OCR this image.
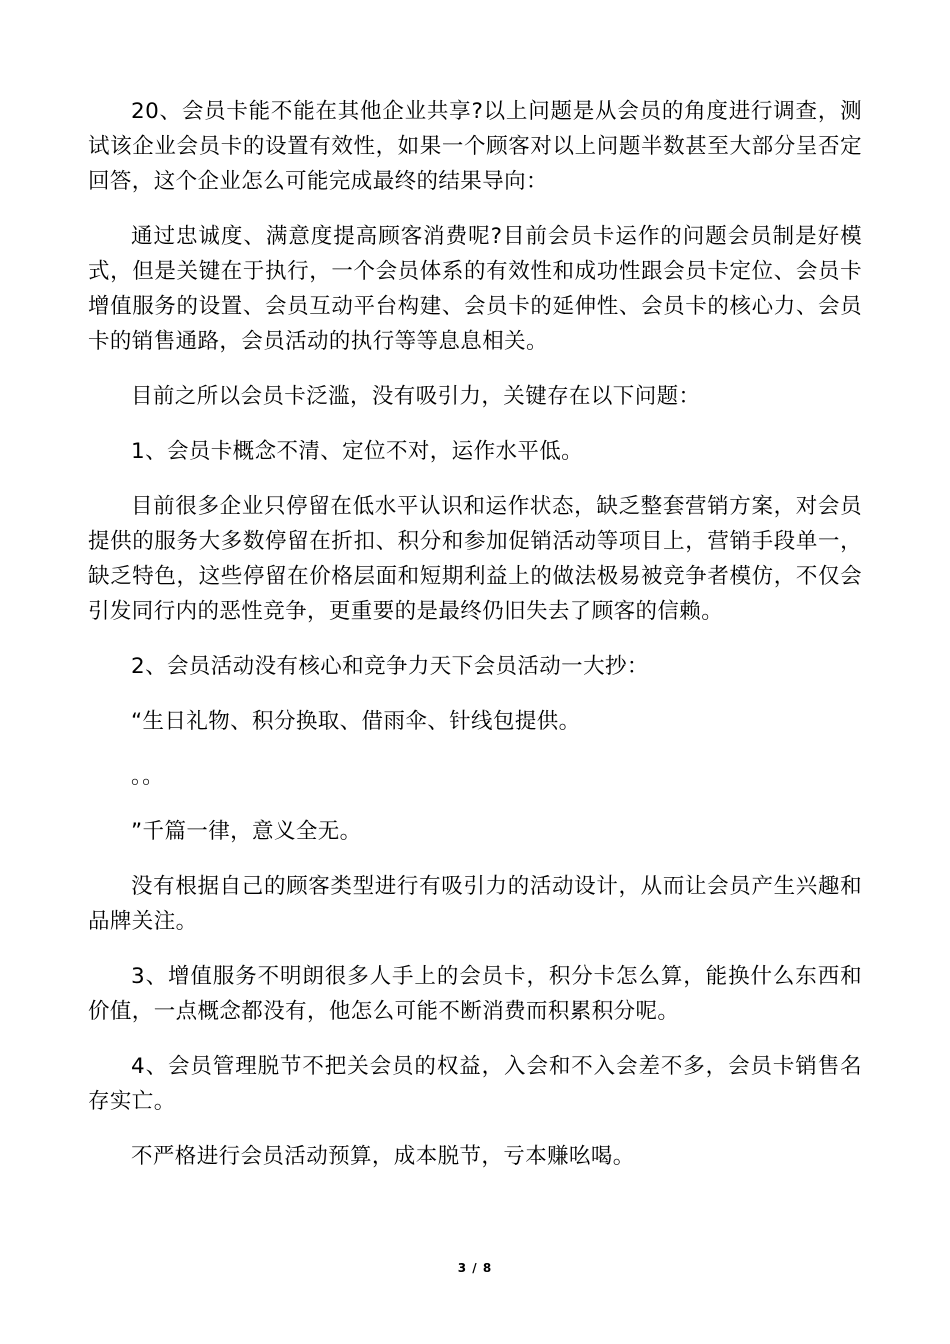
20、会员卡能不能在其他企业共享?以上问题是从会员的角度进行调查，测试该企业会员卡的设置有效性，如果一个顾客对以上问题半数甚至大部分呈否定回答，这个企业怎么可能完成最终的结果导向：

通过忠诚度、满意度提高顾客消费呢?目前会员卡运作的问题会员制是好模式，但是关键在于执行，一个会员体系的有效性和成功性跟会员卡定位、会员卡增值服务的设置、会员互动平台构建、会员卡的延伸性、会员卡的核心力、会员卡的销售通路，会员活动的执行等等息息相关。

目前之所以会员卡泛滥，没有吸引力，关键存在以下问题：

1、会员卡概念不清、定位不对，运作水平低。

目前很多企业只停留在低水平认识和运作状态，缺乏整套营销方案，对会员提供的服务大多数停留在折扣、积分和参加促销活动等项目上，营销手段单一，缺乏特色，这些停留在价格层面和短期利益上的做法极易被竞争者模仿，不仅会引发同行内的恶性竞争，更重要的是最终仍旧失去了顾客的信赖。

2、会员活动没有核心和竞争力天下会员活动一大抄：

“生日礼物、积分换取、借雨伞、针线包提供。

。。

”千篇一律，意义全无。

没有根据自己的顾客类型进行有吸引力的活动设计，从而让会员产生兴趣和品牌关注。

3、增值服务不明朗很多人手上的会员卡，积分卡怎么算，能换什么东西和价值，一点概念都没有，他怎么可能不断消费而积累积分呢。

4、会员管理脱节不把关会员的权益，入会和不入会差不多，会员卡销售名存实亡。

不严格进行会员活动预算，成本脱节，亏本赚吆喝。

3 / 8
